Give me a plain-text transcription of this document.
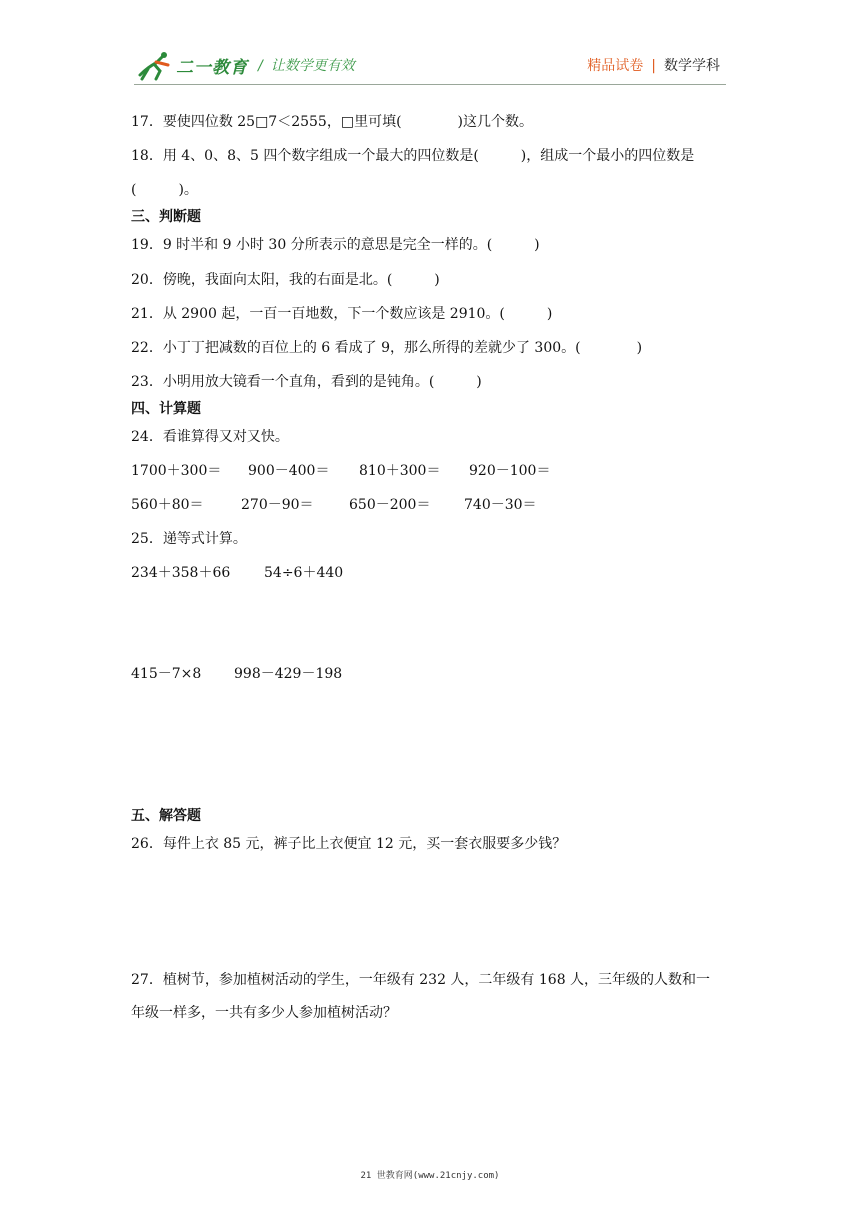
二一教育 / 让数学更有效	精品试卷 | 数学学科
17．要使四位数 25□7＜2555，□里可填(　　　　)这几个数。
18．用 4、0、8、5 四个数字组成一个最大的四位数是(　　　)，组成一个最小的四位数是
(　　　)。
三、判断题
19．9 时半和 9 小时 30 分所表示的意思是完全一样的。(　　　)
20．傍晚，我面向太阳，我的右面是北。(　　　)
21．从 2900 起，一百一百地数，下一个数应该是 2910。(　　　)
22．小丁丁把减数的百位上的 6 看成了 9，那么所得的差就少了 300。(　　　　)
23．小明用放大镜看一个直角，看到的是钝角。(　　　)
四、计算题
24．看谁算得又对又快。
1700＋300＝ 900－400＝ 810＋300＝ 920－100＝
560＋80＝	270－90＝	650－200＝ 740－30＝
25．递等式计算。
234＋358＋66 54÷6＋440
415－7×8 998－429－198
五、解答题
26．每件上衣 85 元，裤子比上衣便宜 12 元，买一套衣服要多少钱？
27．植树节，参加植树活动的学生，一年级有 232 人，二年级有 168 人，三年级的人数和一
年级一样多，一共有多少人参加植树活动？
21 世教育网(www.21cnjy.com)
